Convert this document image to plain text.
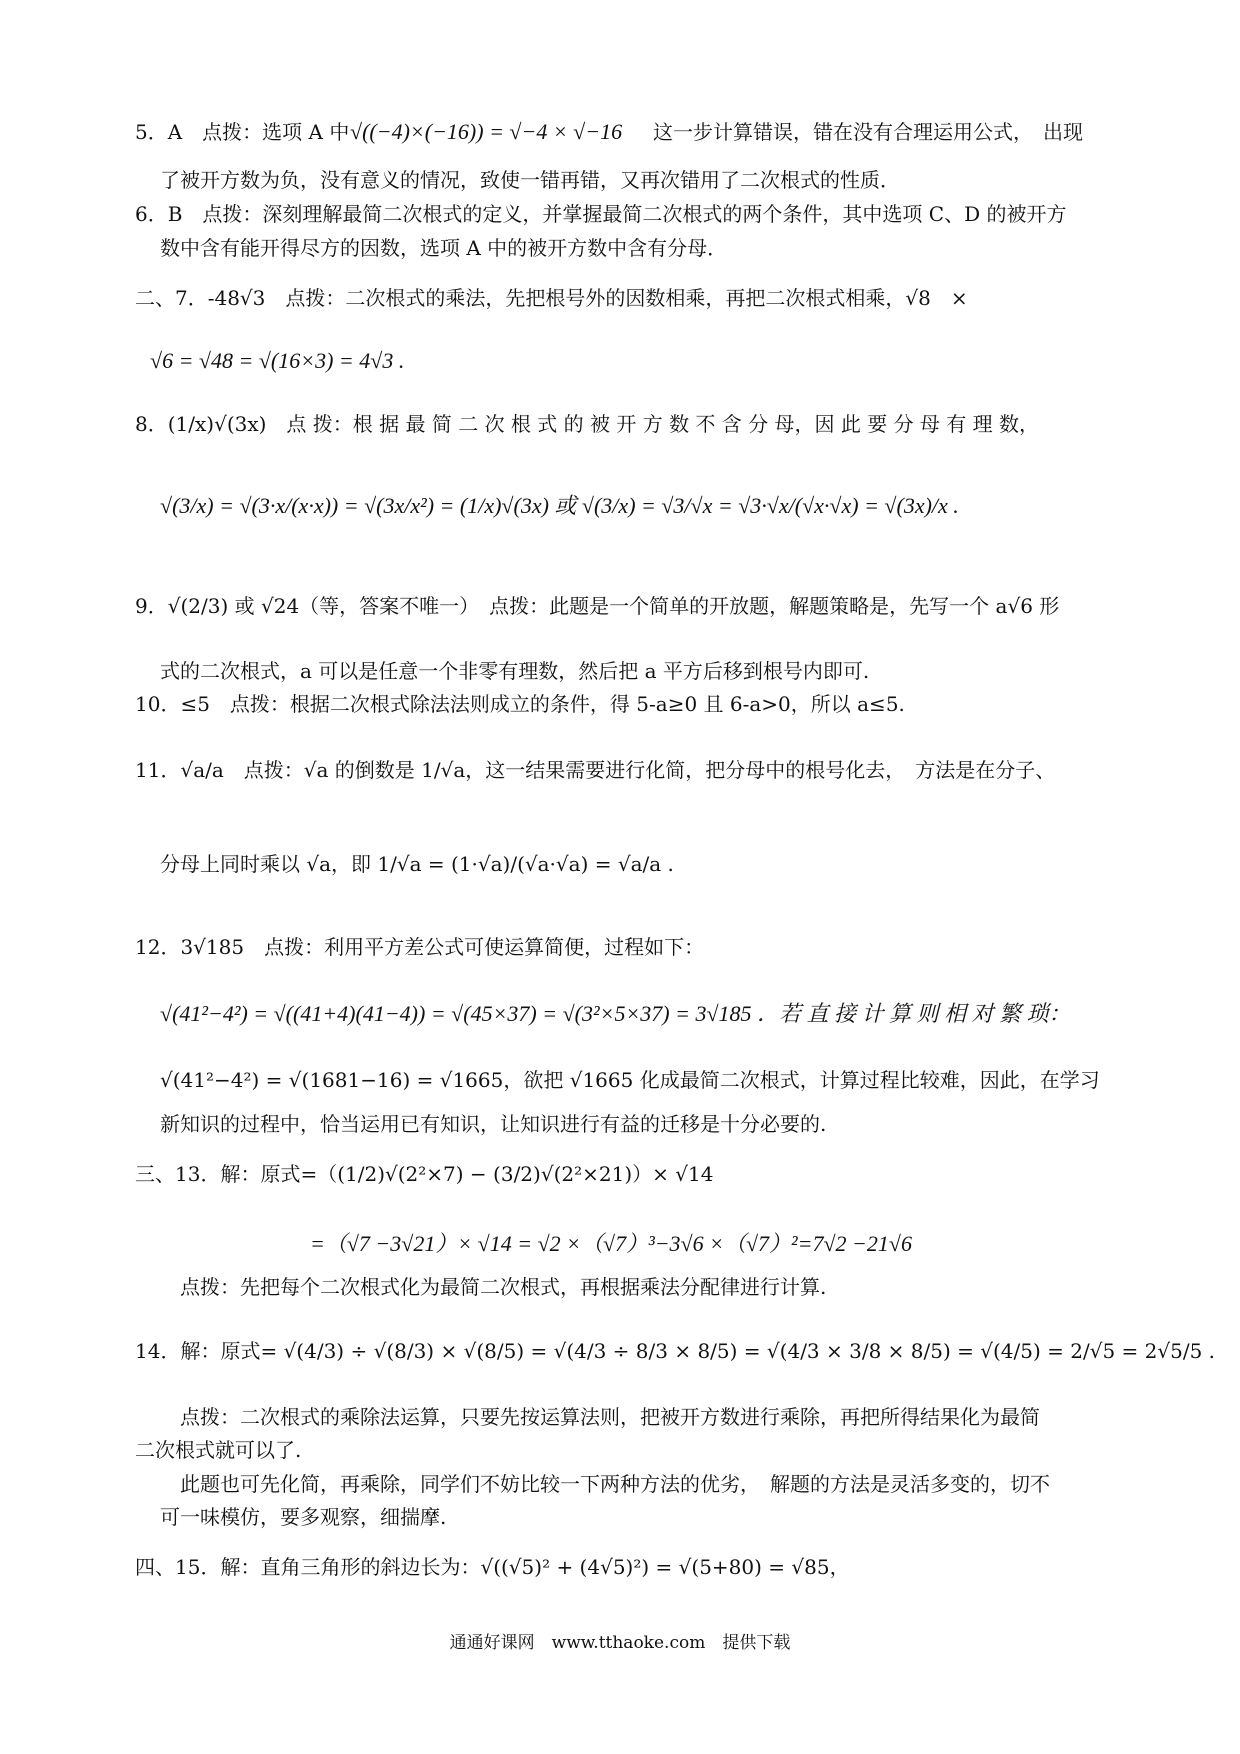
5．A　点拨：选项 A 中 √((−4)×(−16)) = √−4 × √−16 这一步计算错误，错在没有合理运用公式，　出现
了被开方数为负，没有意义的情况，致使一错再错，又再次错用了二次根式的性质．
6．B　点拨：深刻理解最简二次根式的定义，并掌握最简二次根式的两个条件，其中选项 C、D 的被开方
数中含有能开得尽方的因数，选项 A 中的被开方数中含有分母．
二、7．-48√3　点拨：二次根式的乘法，先把根号外的因数相乘，再把二次根式相乘，√8　×
√6 = √48 = √(16×3) = 4√3 .
8．(1/x)√(3x)　点 拨：根 据 最 简 二 次 根 式 的 被 开 方 数 不 含 分 母，因 此 要 分 母 有 理 数，
√(3/x) = √(3·x/(x·x)) = √(3x/x²) = (1/x)√(3x) 或 √(3/x) = √3/√x = √3·√x/(√x·√x) = √(3x)/x .
9．√(2/3) 或 √24（等，答案不唯一）　点拨：此题是一个简单的开放题，解题策略是，先写一个 a√6 形
式的二次根式，a 可以是任意一个非零有理数，然后把 a 平方后移到根号内即可.
10．≤5　点拨：根据二次根式除法法则成立的条件，得 5-a≥0 且 6-a>0，所以 a≤5.
11．√a/a　点拨：√a 的倒数是 1/√a，这一结果需要进行化简，把分母中的根号化去，　方法是在分子、
分母上同时乘以 √a，即 1/√a = (1·√a)/(√a·√a) = √a/a .
12．3√185　点拨：利用平方差公式可使运算简便，过程如下：
√(41²−4²) = √((41+4)(41−4)) = √(45×37) = √(3²×5×37) = 3√185 ．若 直 接 计 算 则 相 对 繁 琐：
√(41²−4²) = √(1681−16) = √1665，欲把 √1665 化成最简二次根式，计算过程比较难，因此，在学习
新知识的过程中，恰当运用已有知识，让知识进行有益的迁移是十分必要的.
三、13．解：原式=（(1/2)√(2²×7) − (3/2)√(2²×21)）× √14
=（√7 −3√21）× √14 = √2 ×（√7）³−3√6 ×（√7）²=7√2 −21√6
点拨：先把每个二次根式化为最简二次根式，再根据乘法分配律进行计算.
14．解：原式= √(4/3) ÷ √(8/3) × √(8/5) = √(4/3 ÷ 8/3 × 8/5) = √(4/3 × 3/8 × 8/5) = √(4/5) = 2/√5 = 2√5/5 .
点拨：二次根式的乘除法运算，只要先按运算法则，把被开方数进行乘除，再把所得结果化为最简
二次根式就可以了.
此题也可先化简，再乘除，同学们不妨比较一下两种方法的优劣，　解题的方法是灵活多变的，切不
可一味模仿，要多观察，细揣摩.
四、15．解：直角三角形的斜边长为：√((√5)² + (4√5)²) = √(5+80) = √85，
通通好课网　www.tthaoke.com　提供下载
